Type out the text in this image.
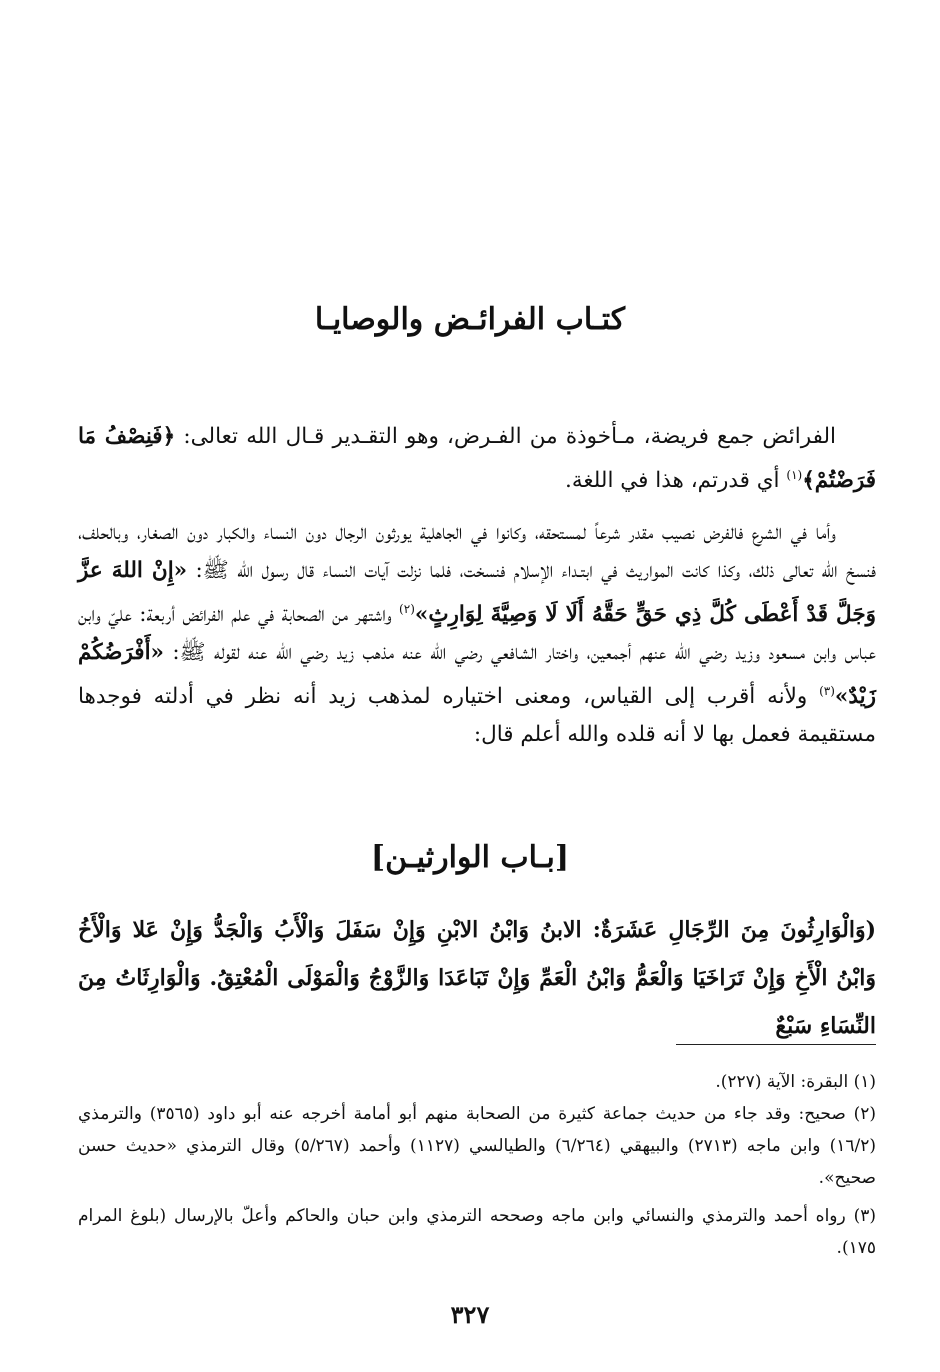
كتـاب الفرائـض والوصايـا

الفرائض جمع فريضة، مـأخوذة من الفـرض، وهو التقـدير قـال الله تعالى: ﴿فَنِصْفُ مَا فَرَضْتُمْ﴾$^{(١)}$ أي قدرتم، هذا في اللغة.

وأما في الشرع فالفرض نصيب مقدر شرعاً لمستحقه، وكانوا في الجاهلية يورثون الرجال دون النساء والكبار دون الصغار، وبالحلف، فنسخ الله تعالى ذلك، وكذا كانت المواريث في ابتـداء الإسلام فنسخت، فلما نزلت آيات النساء قال رسول الله ﷺ: «إِنْ اللهَ عزَّ وَجَلَّ قَدْ أَعْطَى كُلَّ ذِي حَقٍّ حَقَّهُ أَلَا لَا وَصِيَّةَ لِوَارِثٍ»$^{(٢)}$ واشتهر من الصحابة في علم الفرائض أربعة: عليّ وابن عباس وابن مسعود وزيد رضي الله عنهم أجمعين، واختار الشافعي رضي الله عنه مذهب زيد رضي الله عنه لقوله ﷺ: «أَفْرَضُكُمْ زَيْدٌ»$^{(٣)}$ ولأنه أقرب إلى القياس، ومعنى اختياره لمذهب زيد أنه نظر في أدلته فوجدها مستقيمة فعمل بها لا أنه قلده والله أعلم قال:

[بـاب الوارثيـن]

(وَالْوَارِثُونَ مِنَ الرِّجَالِ عَشَرَةٌ: الابنُ وَابْنُ الابْنِ وَإِنْ سَفَلَ وَالْأَبُ وَالْجَدُّ وَإِنْ عَلا وَالْأَخُ وَابْنُ الْأَخِ وَإِنْ تَرَاخَيَا وَالْعَمُّ وَابْنُ الْعَمِّ وَإِنْ تَبَاعَدَا وَالزَّوْجُ وَالْمَوْلَى الْمُعْتِقُ. وَالْوَارِثَاتُ مِنَ النِّسَاءِ سَبْعٌ

(١) البقرة: الآية (٢٢٧).

(٢) صحيح: وقد جاء من حديث جماعة كثيرة من الصحابة منهم أبو أمامة أخرجه عنه أبو داود (٣٥٦٥) والترمذي (١٦/٢) وابن ماجه (٢٧١٣) والبيهقي (٦/٢٦٤) والطيالسي (١١٢٧) وأحمد (٥/٢٦٧) وقال الترمذي «حديث حسن صحيح».

(٣) رواه أحمد والترمذي والنسائي وابن ماجه وصححه الترمذي وابن حبان والحاكم وأعلّ بالإرسال (بلوغ المرام ١٧٥).

٣٢٧
